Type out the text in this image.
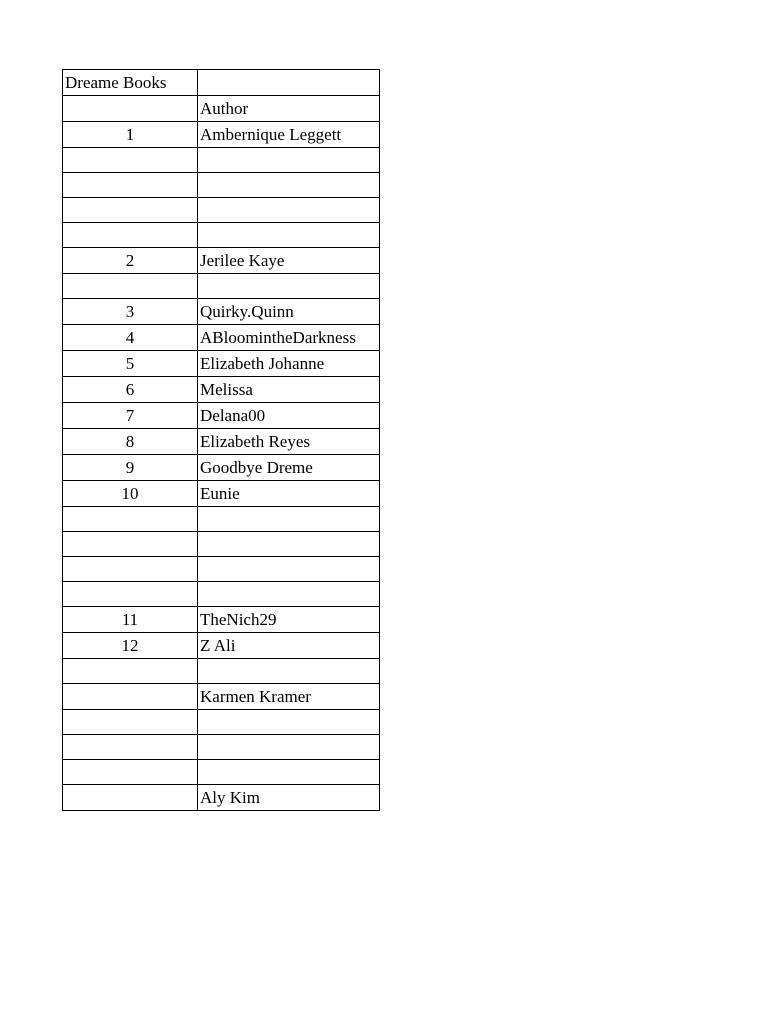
Dreame Books	
	Author
1	Ambernique Leggett

2	Jerilee Kaye

3	Quirky.Quinn
4	ABloomintheDarkness
5	Elizabeth Johanne
6	Melissa
7	Delana00
8	Elizabeth Reyes
9	Goodbye Dreme
10	Eunie

11	TheNich29
12	Z Ali

	Karmen Kramer

	Aly Kim
